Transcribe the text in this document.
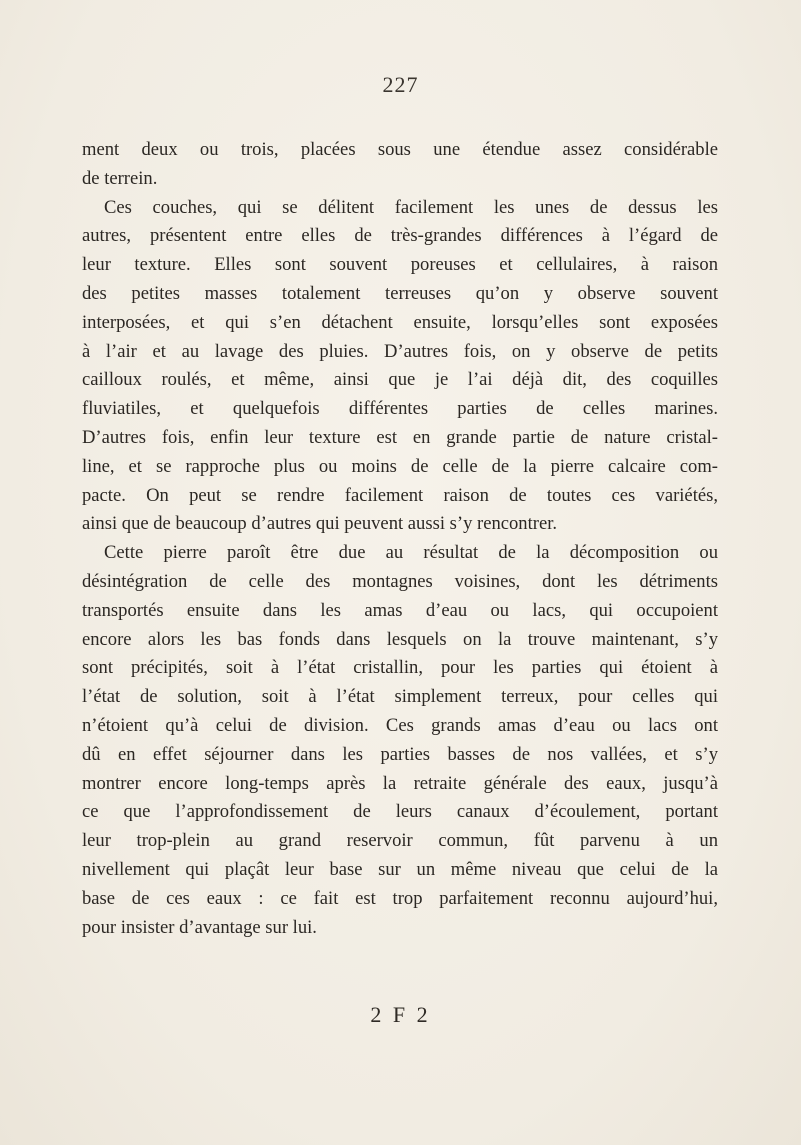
227
ment deux ou trois, placées sous une étendue assez considérable
de terrein.
Ces couches, qui se délitent facilement les unes de dessus les
autres, présentent entre elles de très-grandes différences à l’égard de
leur texture. Elles sont souvent poreuses et cellulaires, à raison
des petites masses totalement terreuses qu’on y observe souvent
interposées, et qui s’en détachent ensuite, lorsqu’elles sont exposées
à l’air et au lavage des pluies. D’autres fois, on y observe de petits
cailloux roulés, et même, ainsi que je l’ai déjà dit, des coquilles
fluviatiles, et quelquefois différentes parties de celles marines.
D’autres fois, enfin leur texture est en grande partie de nature cristal-
line, et se rapproche plus ou moins de celle de la pierre calcaire com-
pacte. On peut se rendre facilement raison de toutes ces variétés,
ainsi que de beaucoup d’autres qui peuvent aussi s’y rencontrer.
Cette pierre paroît être due au résultat de la décomposition ou
désintégration de celle des montagnes voisines, dont les détriments
transportés ensuite dans les amas d’eau ou lacs, qui occupoient
encore alors les bas fonds dans lesquels on la trouve maintenant, s’y
sont précipités, soit à l’état cristallin, pour les parties qui étoient à
l’état de solution, soit à l’état simplement terreux, pour celles qui
n’étoient qu’à celui de division. Ces grands amas d’eau ou lacs ont
dû en effet séjourner dans les parties basses de nos vallées, et s’y
montrer encore long-temps après la retraite générale des eaux, jusqu’à
ce que l’approfondissement de leurs canaux d’écoulement, portant
leur trop-plein au grand reservoir commun, fût parvenu à un
nivellement qui plaçât leur base sur un même niveau que celui de la
base de ces eaux : ce fait est trop parfaitement reconnu aujourd’hui,
pour insister d’avantage sur lui.
2 F 2
